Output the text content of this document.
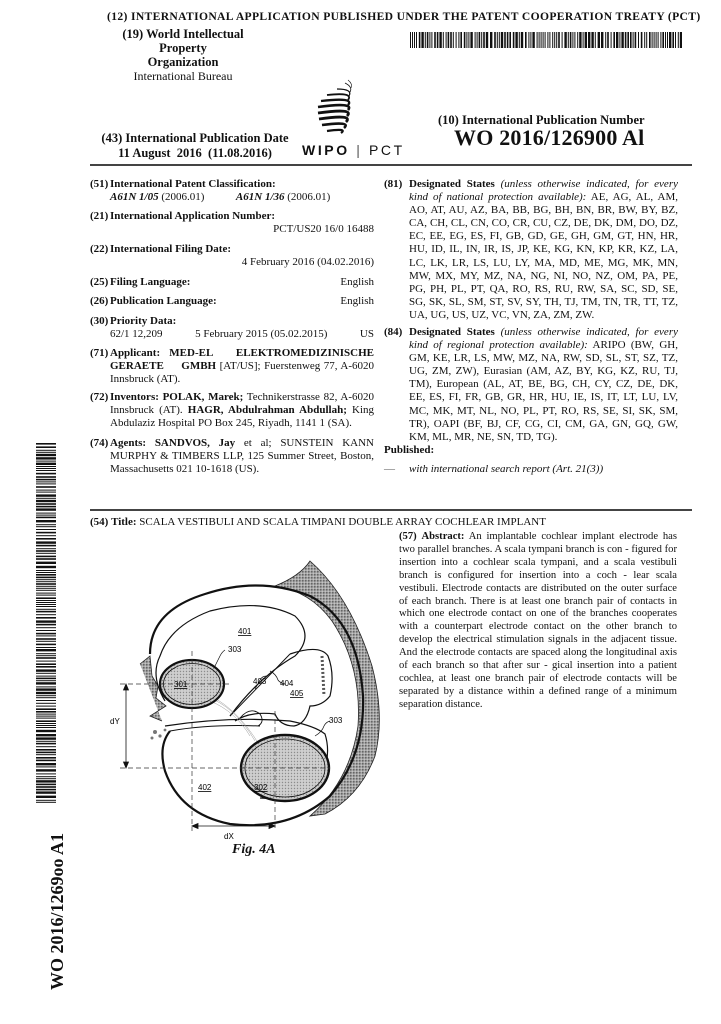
(12) INTERNATIONAL APPLICATION PUBLISHED UNDER THE PATENT COOPERATION TREATY (PCT)
(19) World Intellectual Property
Organization
International Bureau
(43) International Publication Date
11 August  2016  (11.08.2016)	WIPO | PCT
(10) International Publication Number
WO 2016/126900 Al
(51) International Patent Classification:
A61N 1/05 (2006.01)	A61N 1/36 (2006.01)
(21) International Application Number:
PCT/US20 16/0 16488
(22) International Filing Date:
4 February 2016 (04.02.2016)
(25) Filing Language:	English
(26) Publication Language:	English
(30) Priority Data:
62/1 12,209	5 February 2015 (05.02.2015)	US
(71) Applicant: MED-EL ELEKTROMEDIZINISCHE GERAETE GMBH [AT/US]; Fuerstenweg 77, A-6020 Innsbruck (AT).
(72) Inventors: POLAK, Marek; Technikerstrasse 82, A-6020 Innsbruck (AT). HAGR, Abdulrahman Abdullah; King Abdulaziz Hospital PO Box 245, Riyadh, 1141 1 (SA).
(74) Agents: SANDVOS, Jay et al; SUNSTEIN KANN MURPHY & TIMBERS LLP, 125 Summer Street, Boston, Massachusetts 021 10-1618 (US).
(81) Designated States (unless otherwise indicated, for every kind of national protection available): AE, AG, AL, AM, AO, AT, AU, AZ, BA, BB, BG, BH, BN, BR, BW, BY, BZ, CA, CH, CL, CN, CO, CR, CU, CZ, DE, DK, DM, DO, DZ, EC, EE, EG, ES, FI, GB, GD, GE, GH, GM, GT, HN, HR, HU, ID, IL, IN, IR, IS, JP, KE, KG, KN, KP, KR, KZ, LA, LC, LK, LR, LS, LU, LY, MA, MD, ME, MG, MK, MN, MW, MX, MY, MZ, NA, NG, NI, NO, NZ, OM, PA, PE, PG, PH, PL, PT, QA, RO, RS, RU, RW, SA, SC, SD, SE, SG, SK, SL, SM, ST, SV, SY, TH, TJ, TM, TN, TR, TT, TZ, UA, UG, US, UZ, VC, VN, ZA, ZM, ZW.
(84) Designated States (unless otherwise indicated, for every kind of regional protection available): ARIPO (BW, GH, GM, KE, LR, LS, MW, MZ, NA, RW, SD, SL, ST, SZ, TZ, UG, ZM, ZW), Eurasian (AM, AZ, BY, KG, KZ, RU, TJ, TM), European (AL, AT, BE, BG, CH, CY, CZ, DE, DK, EE, ES, FI, FR, GB, GR, HR, HU, IE, IS, IT, LT, LU, LV, MC, MK, MT, NL, NO, PL, PT, RO, RS, SE, SI, SK, SM, TR), OAPI (BF, BJ, CF, CG, CI, CM, GA, GN, GQ, GW, KM, ML, MR, NE, SN, TD, TG).
Published:
—	with international search report (Art. 21(3))
WO 2016/1269oo A1
(54) Title: SCALA VESTIBULI AND SCALA TIMPANI DOUBLE ARRAY COCHLEAR IMPLANT
(57) Abstract: An implantable cochlear implant electrode has two parallel branches. A scala tympani branch is con - figured for insertion into a cochlear scala tympani, and a scala vestibuli branch is configured for insertion into a coch - lear scala vestibuli. Electrode contacts are distributed on the outer surface of each branch. There is at least one branch pair of contacts in which one electrode contact on one of the branches cooperates with a counterpart electrode contact on the other branch to develop the electrical stimulation signals in the adjacent tissue. And the electrode contacts are spaced along the longitudinal axis of each branch so that after sur - gical insertion into a patient cochlea, at least one branch pair of electrode contacts will be separated by a distance within a defined range of a minimum separation distance.
401
303
301	403 404
405
303
402	302
dY
dX
Fig. 4A
